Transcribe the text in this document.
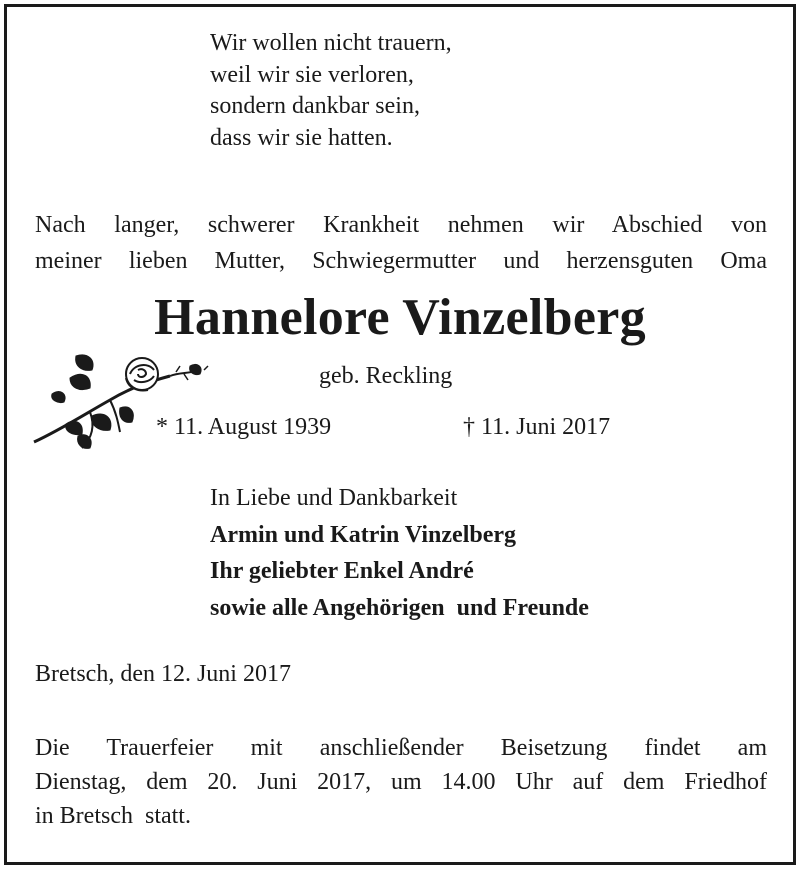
Wir wollen nicht trauern,
weil wir sie verloren,
sondern dankbar sein,
dass wir sie hatten.
Nach langer, schwerer Krankheit nehmen wir Abschied von
meiner lieben Mutter, Schwiegermutter und herzensguten Oma
Hannelore Vinzelberg
geb. Reckling
* 11. August 1939	† 11. Juni 2017
In Liebe und Dankbarkeit
Armin und Katrin Vinzelberg
Ihr geliebter Enkel André
sowie alle Angehörigen  und Freunde
Bretsch, den 12. Juni 2017
Die Trauerfeier mit anschließender Beisetzung findet am
Dienstag, dem 20. Juni 2017, um 14.00 Uhr auf dem Friedhof
in Bretsch  statt.
